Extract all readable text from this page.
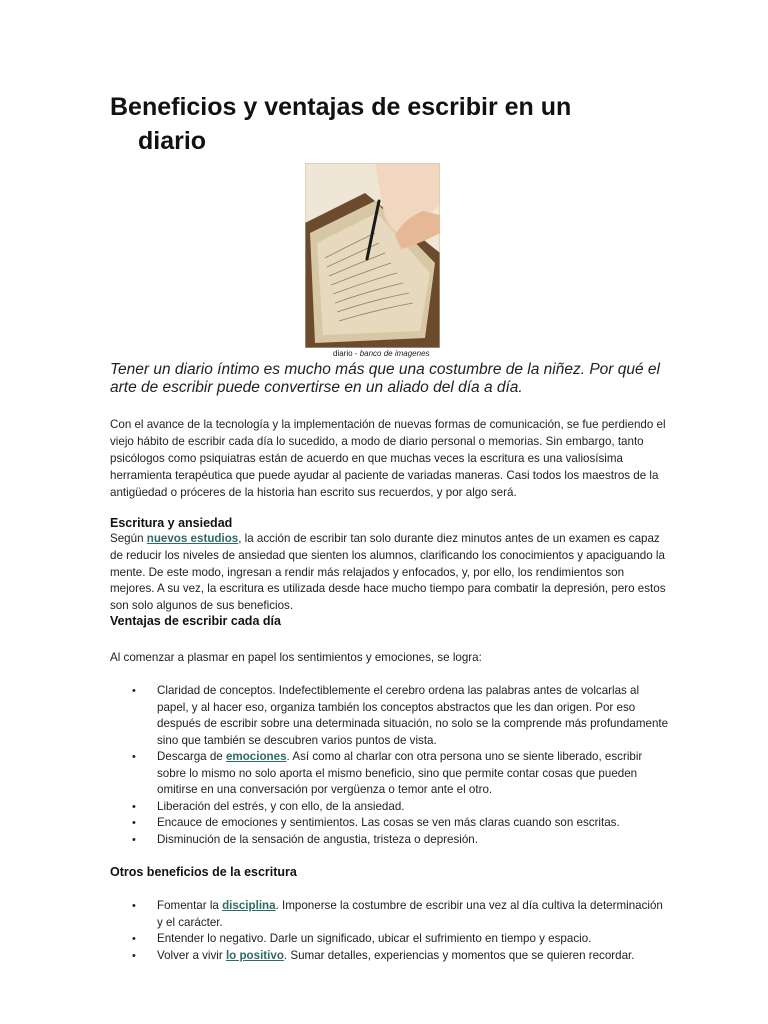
Beneficios y ventajas de escribir en un
diario
diario - banco de imagenes

Tener un diario íntimo es mucho más que una costumbre de la niñez. Por qué el arte de escribir puede convertirse en un aliado del día a día.

Con el avance de la tecnología y la implementación de nuevas formas de comunicación, se fue perdiendo el viejo hábito de escribir cada día lo sucedido, a modo de diario personal o memorias. Sin embargo, tanto psicólogos como psiquiatras están de acuerdo en que muchas veces la escritura es una valiosísima herramienta terapéutica que puede ayudar al paciente de variadas maneras. Casi todos los maestros de la antigüedad o próceres de la historia han escrito sus recuerdos, y por algo será.

Escritura y ansiedad

Según nuevos estudios, la acción de escribir tan solo durante diez minutos antes de un examen es capaz de reducir los niveles de ansiedad que sienten los alumnos, clarificando los conocimientos y apaciguando la mente. De este modo, ingresan a rendir más relajados y enfocados, y, por ello, los rendimientos son mejores. A su vez, la escritura es utilizada desde hace mucho tiempo para combatir la depresión, pero estos son solo algunos de sus beneficios.

Ventajas de escribir cada día

Al comenzar a plasmar en papel los sentimientos y emociones, se logra:

• Claridad de conceptos. Indefectiblemente el cerebro ordena las palabras antes de volcarlas al papel, y al hacer eso, organiza también los conceptos abstractos que les dan origen. Por eso después de escribir sobre una determinada situación, no solo se la comprende más profundamente sino que también se descubren varios puntos de vista.
• Descarga de emociones. Así como al charlar con otra persona uno se siente liberado, escribir sobre lo mismo no solo aporta el mismo beneficio, sino que permite contar cosas que pueden omitirse en una conversación por vergüenza o temor ante el otro.
• Liberación del estrés, y con ello, de la ansiedad.
• Encauce de emociones y sentimientos. Las cosas se ven más claras cuando son escritas.
• Disminución de la sensación de angustia, tristeza o depresión.
Otros beneficios de la escritura
• Fomentar la disciplina. Imponerse la costumbre de escribir una vez al día cultiva la determinación y el carácter.
• Entender lo negativo. Darle un significado, ubicar el sufrimiento en tiempo y espacio.
• Volver a vivir lo positivo. Sumar detalles, experiencias y momentos que se quieren recordar.
